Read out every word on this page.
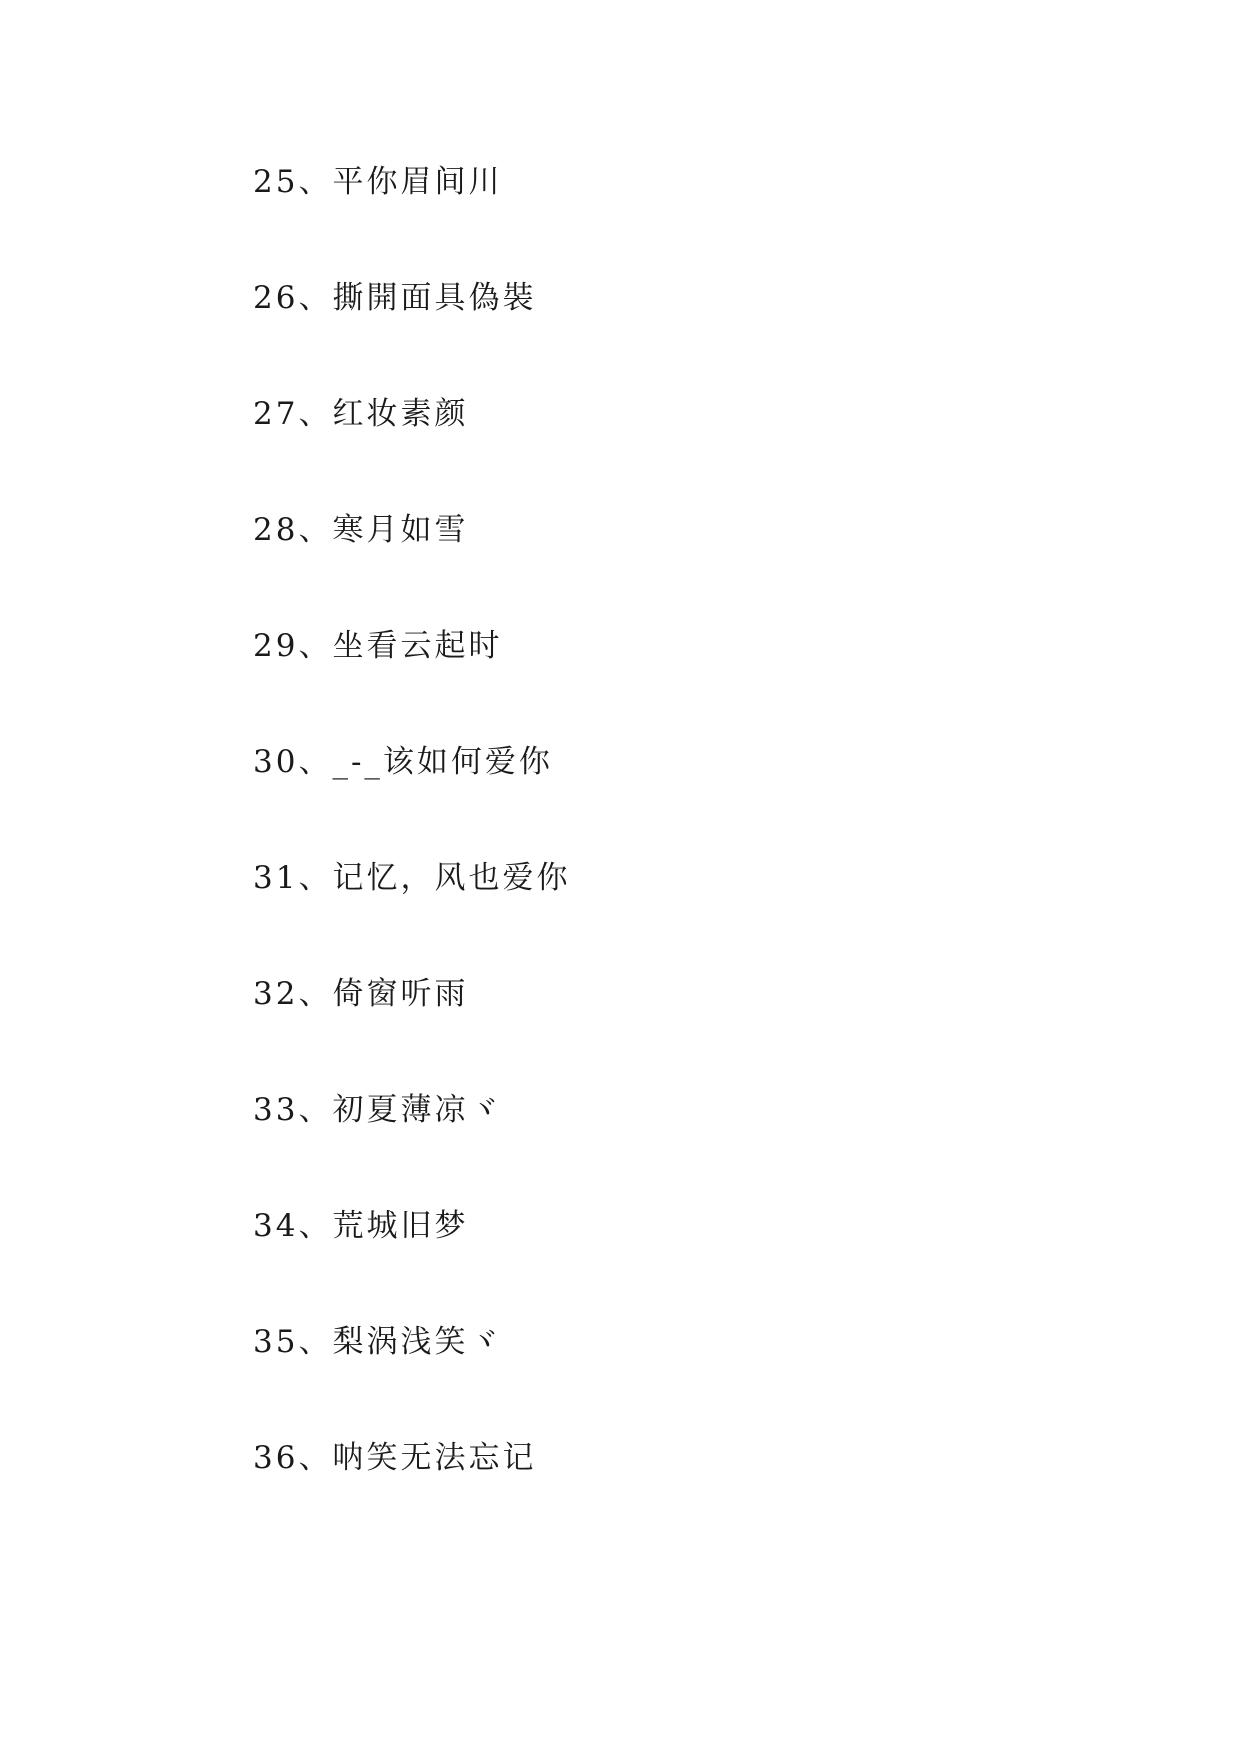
25、平你眉间川
26、撕開面具偽裝
27、红妆素颜
28、寒月如雪
29、坐看云起时
30、_-_该如何爱你
31、记忆，风也爱你
32、倚窗听雨
33、初夏薄凉ヾ
34、荒城旧梦
35、梨涡浅笑ヾ
36、呐笑无法忘记
